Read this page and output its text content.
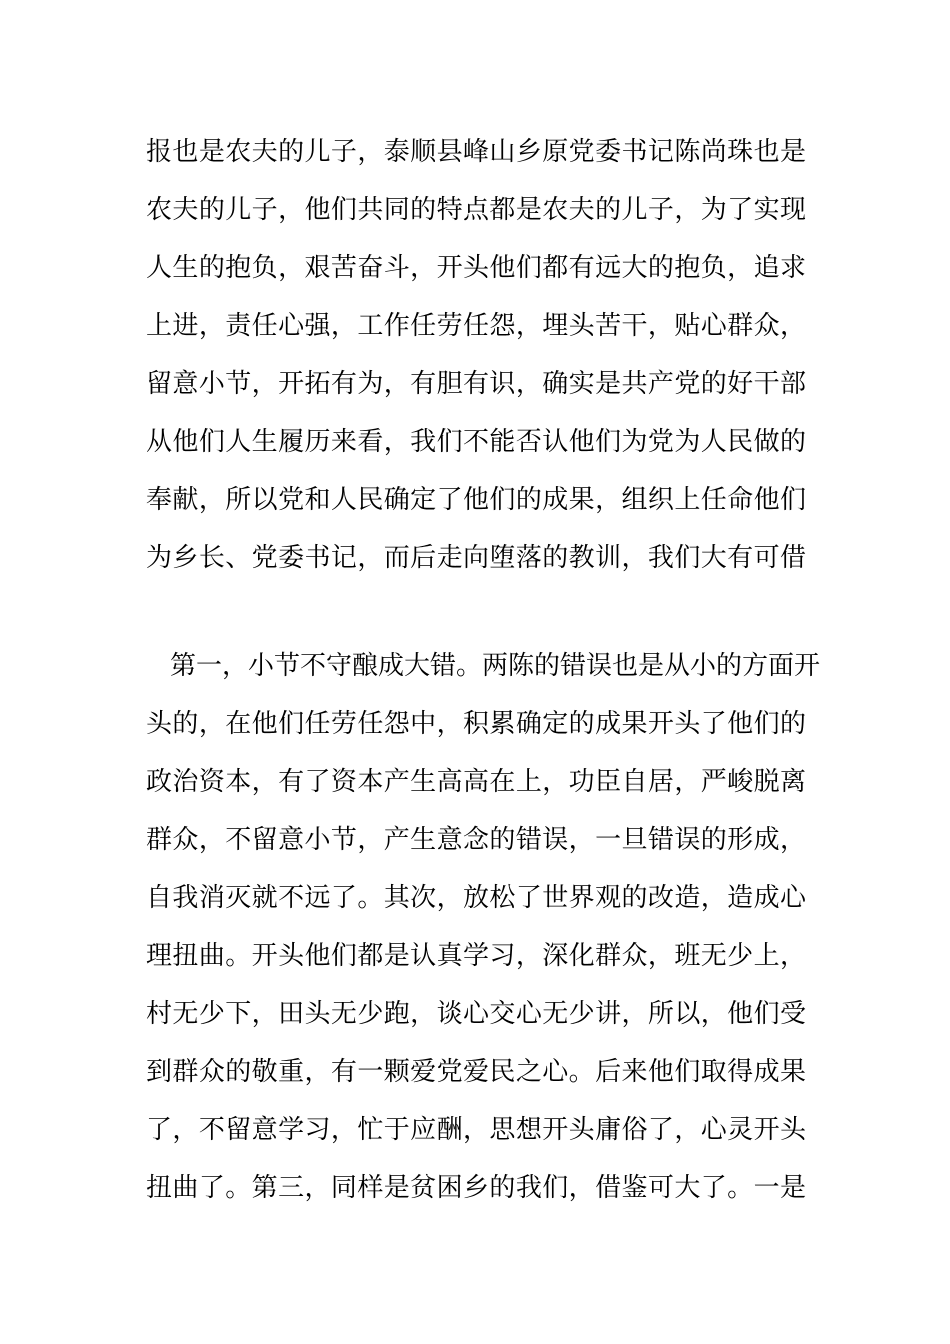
报也是农夫的儿子，泰顺县峰山乡原党委书记陈尚珠也是
农夫的儿子，他们共同的特点都是农夫的儿子，为了实现
人生的抱负，艰苦奋斗，开头他们都有远大的抱负，追求
上进，责任心强，工作任劳任怨，埋头苦干，贴心群众，
留意小节，开拓有为，有胆有识，确实是共产党的好干部
从他们人生履历来看，我们不能否认他们为党为人民做的
奉献，所以党和人民确定了他们的成果，组织上任命他们
为乡长、党委书记，而后走向堕落的教训，我们大有可借
第一，小节不守酿成大错。两陈的错误也是从小的方面开
头的，在他们任劳任怨中，积累确定的成果开头了他们的
政治资本，有了资本产生高高在上，功臣自居，严峻脱离
群众，不留意小节，产生意念的错误，一旦错误的形成，
自我消灭就不远了。其次，放松了世界观的改造，造成心
理扭曲。开头他们都是认真学习，深化群众，班无少上，
村无少下，田头无少跑，谈心交心无少讲，所以，他们受
到群众的敬重，有一颗爱党爱民之心。后来他们取得成果
了，不留意学习，忙于应酬，思想开头庸俗了，心灵开头
扭曲了。第三，同样是贫困乡的我们，借鉴可大了。一是
